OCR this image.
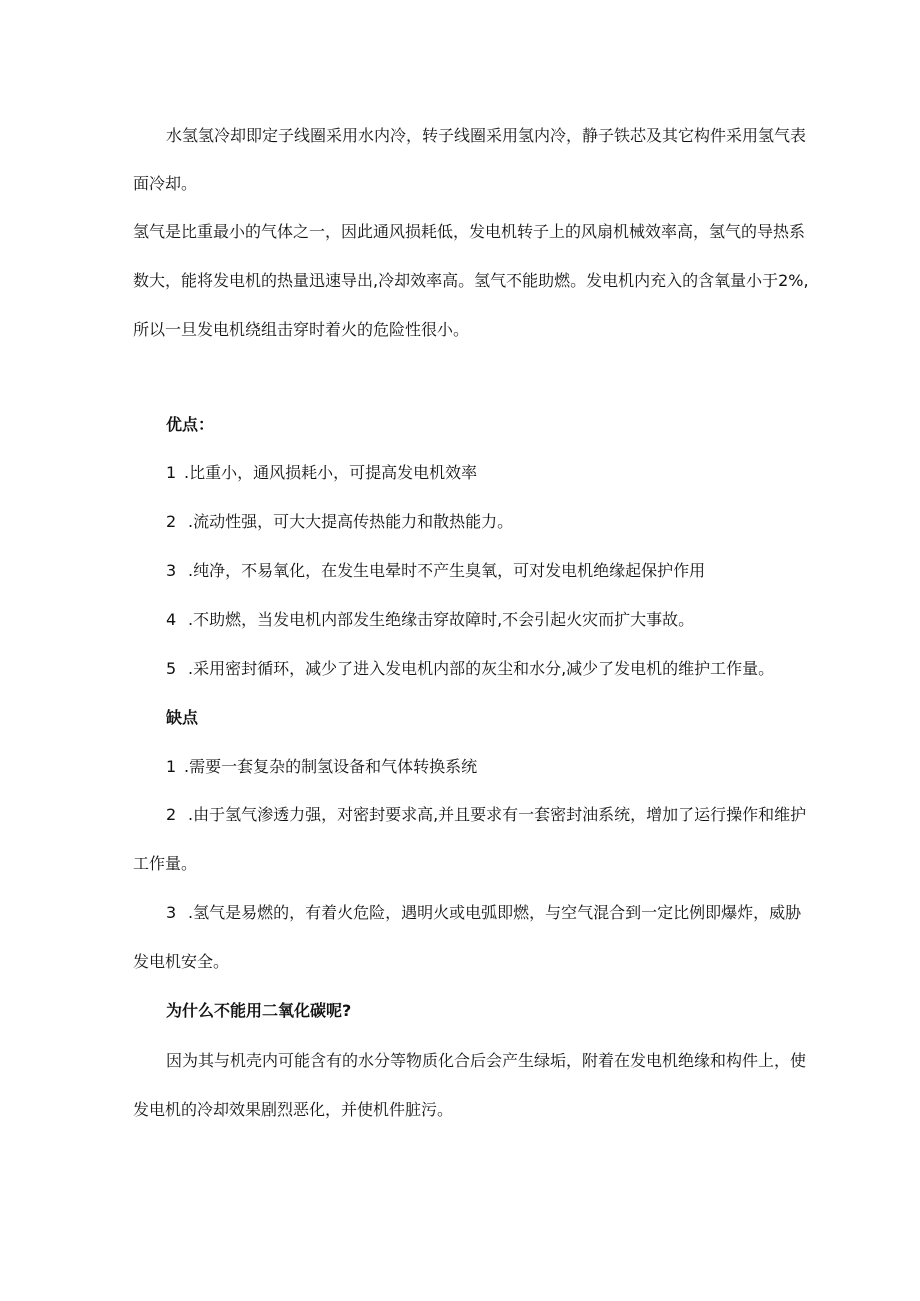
水氢氢冷却即定子线圈采用水内冷，转子线圈采用氢内冷，静子铁芯及其它构件采用氢气表

面冷却。

氢气是比重最小的气体之一，因此通风损耗低，发电机转子上的风扇机械效率高，氢气的导热系

数大，能将发电机的热量迅速导出,冷却效率高。氢气不能助燃。发电机内充入的含氧量小于2%,

所以一旦发电机绕组击穿时着火的危险性很小。

优点：

1 .比重小，通风损耗小，可提高发电机效率

2 .流动性强，可大大提高传热能力和散热能力。

3 .纯净，不易氧化，在发生电晕时不产生臭氧，可对发电机绝缘起保护作用

4 .不助燃，当发电机内部发生绝缘击穿故障时,不会引起火灾而扩大事故。

5 .采用密封循环，减少了进入发电机内部的灰尘和水分,减少了发电机的维护工作量。

缺点

1 .需要一套复杂的制氢设备和气体转换系统

2 .由于氢气渗透力强，对密封要求高,并且要求有一套密封油系统，增加了运行操作和维护

工作量。

3 .氢气是易燃的，有着火危险，遇明火或电弧即燃，与空气混合到一定比例即爆炸，威胁

发电机安全。

为什么不能用二氧化碳呢?

因为其与机壳内可能含有的水分等物质化合后会产生绿垢，附着在发电机绝缘和构件上，使

发电机的冷却效果剧烈恶化，并使机件脏污。
